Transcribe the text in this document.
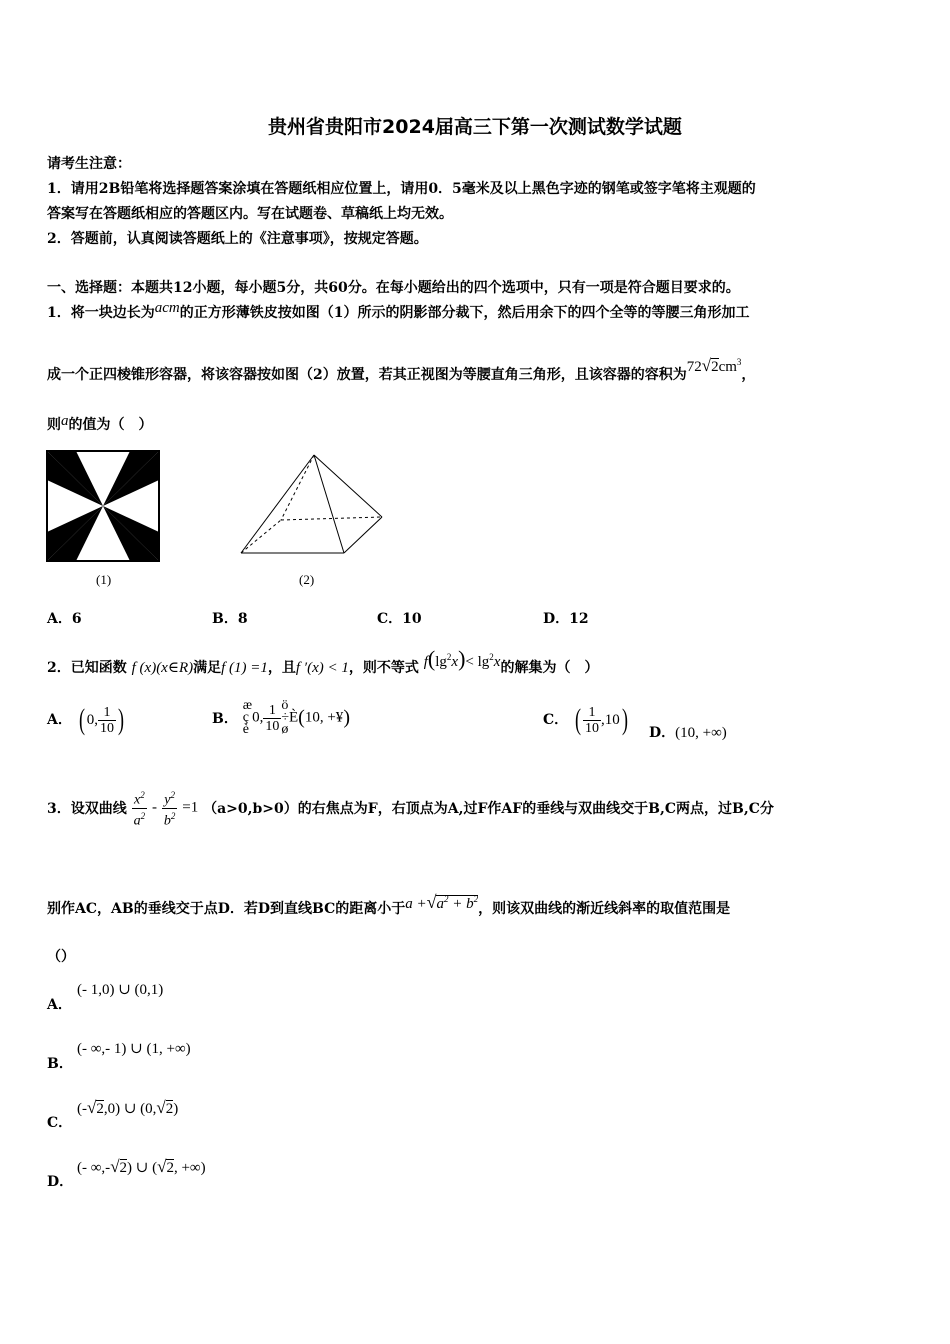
贵州省贵阳市2024届高三下第一次测试数学试题
请考生注意：
1．请用2B铅笔将选择题答案涂填在答题纸相应位置上，请用0．5毫米及以上黑色字迹的钢笔或签字笔将主观题的
答案写在答题纸相应的答题区内。写在试题卷、草稿纸上均无效。
2．答题前，认真阅读答题纸上的《注意事项》，按规定答题。
一、选择题：本题共12小题，每小题5分，共60分。在每小题给出的四个选项中，只有一项是符合题目要求的。
1．将一块边长为acm的正方形薄铁皮按如图（1）所示的阴影部分裁下，然后用余下的四个全等的等腰三角形加工
成一个正四棱锥形容器，将该容器按如图（2）放置，若其正视图为等腰直角三角形，且该容器的容积为$72√2cm^3$，
则a的值为（　）
(1)	(2)
A．6	B．8	C．10	D．12
2．已知函数 f (x)(x∈R)满足f (1) =1，且f ′(x) < 1，则不等式 $f(\lg^2x)< \lg^2x$的解集为（　）
A． ( 0, $\frac{1}{10}$ )	B．
æ
ç
è
0, $\frac{1}{10}$ ö
÷
ø
È(10, +¥)	C． ( $\frac{1}{10} ,10$) D．(10, +∞)
3．设双曲线 $\frac{x^2}{a^2} - \frac{y^2}{b^2} =1$ （a>0,b>0）的右焦点为F，右顶点为A,过F作AF的垂线与双曲线交于B,C两点，过B,C分
别作AC，AB的垂线交于点D．若D到直线BC的距离小于$a +√a^2 + b^2$，则该双曲线的渐近线斜率的取值范围是
（）
A．
(- 1,0) ∪ (0,1)
B．
(- ∞,- 1) ∪ (1, +∞)
C．
(-√2,0) ∪ (0,√2)
D．
(- ∞,-√2) ∪ (√2, +∞)
